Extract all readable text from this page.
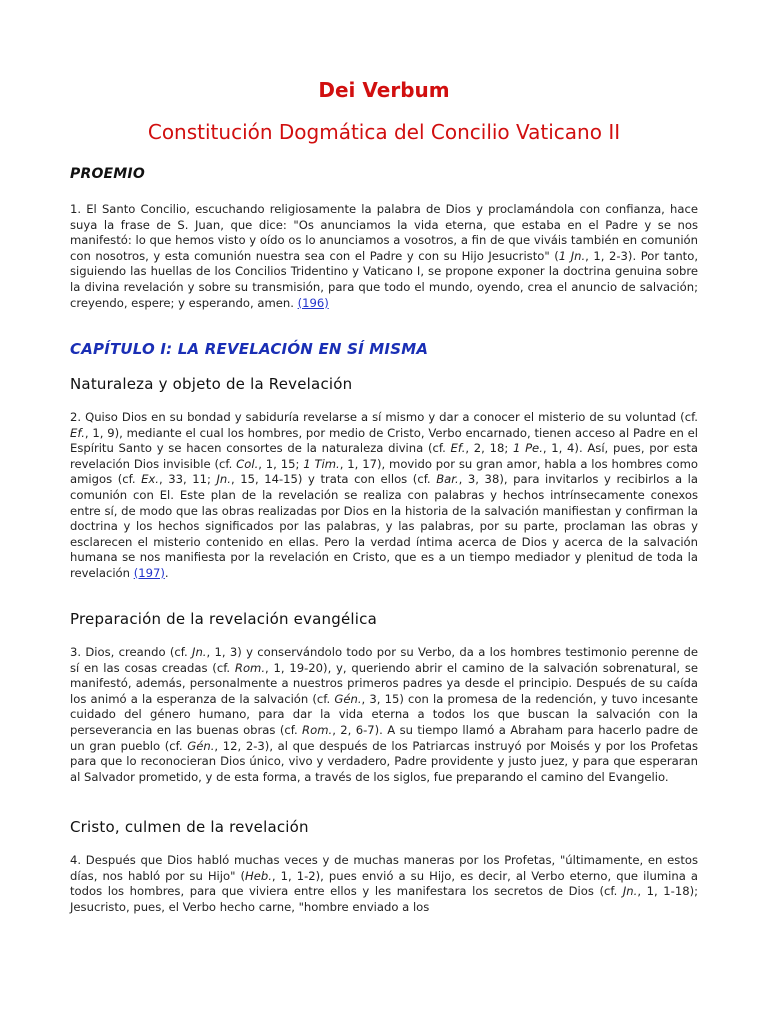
Dei Verbum
Constitución Dogmática del Concilio Vaticano II
PROEMIO

1. El Santo Concilio, escuchando religiosamente la palabra de Dios y proclamándola con confianza, hace suya la frase de S. Juan, que dice: "Os anunciamos la vida eterna, que estaba en el Padre y se nos manifestó: lo que hemos visto y oído os lo anunciamos a vosotros, a fin de que viváis también en comunión con nosotros, y esta comunión nuestra sea con el Padre y con su Hijo Jesucristo" (1 Jn., 1, 2-3). Por tanto, siguiendo las huellas de los Concilios Tridentino y Vaticano I, se propone exponer la doctrina genuina sobre la divina revelación y sobre su transmisión, para que todo el mundo, oyendo, crea el anuncio de salvación; creyendo, espere; y esperando, amen. (196)

CAPÍTULO I: LA REVELACIÓN EN SÍ MISMA
Naturaleza y objeto de la Revelación

2. Quiso Dios en su bondad y sabiduría revelarse a sí mismo y dar a conocer el misterio de su voluntad (cf. Ef., 1, 9), mediante el cual los hombres, por medio de Cristo, Verbo encarnado, tienen acceso al Padre en el Espíritu Santo y se hacen consortes de la naturaleza divina (cf. Ef., 2, 18; 1 Pe., 1, 4). Así, pues, por esta revelación Dios invisible (cf. Col., 1, 15; 1 Tim., 1, 17), movido por su gran amor, habla a los hombres como amigos (cf. Ex., 33, 11; Jn., 15, 14-15) y trata con ellos (cf. Bar., 3, 38), para invitarlos y recibirlos a la comunión con El. Este plan de la revelación se realiza con palabras y hechos intrínsecamente conexos entre sí, de modo que las obras realizadas por Dios en la historia de la salvación manifiestan y confirman la doctrina y los hechos significados por las palabras, y las palabras, por su parte, proclaman las obras y esclarecen el misterio contenido en ellas. Pero la verdad íntima acerca de Dios y acerca de la salvación humana se nos manifiesta por la revelación en Cristo, que es a un tiempo mediador y plenitud de toda la revelación (197).

Preparación de la revelación evangélica

3. Dios, creando (cf. Jn., 1, 3) y conservándolo todo por su Verbo, da a los hombres testimonio perenne de sí en las cosas creadas (cf. Rom., 1, 19-20), y, queriendo abrir el camino de la salvación sobrenatural, se manifestó, además, personalmente a nuestros primeros padres ya desde el principio. Después de su caída los animó a la esperanza de la salvación (cf. Gén., 3, 15) con la promesa de la redención, y tuvo incesante cuidado del género humano, para dar la vida eterna a todos los que buscan la salvación con la perseverancia en las buenas obras (cf. Rom., 2, 6-7). A su tiempo llamó a Abraham para hacerlo padre de un gran pueblo (cf. Gén., 12, 2-3), al que después de los Patriarcas instruyó por Moisés y por los Profetas para que lo reconocieran Dios único, vivo y verdadero, Padre providente y justo juez, y para que esperaran al Salvador prometido, y de esta forma, a través de los siglos, fue preparando el camino del Evangelio.

Cristo, culmen de la revelación

4. Después que Dios habló muchas veces y de muchas maneras por los Profetas, "últimamente, en estos días, nos habló por su Hijo" (Heb., 1, 1-2), pues envió a su Hijo, es decir, al Verbo eterno, que ilumina a todos los hombres, para que viviera entre ellos y les manifestara los secretos de Dios (cf. Jn., 1, 1-18); Jesucristo, pues, el Verbo hecho carne, "hombre enviado a los
